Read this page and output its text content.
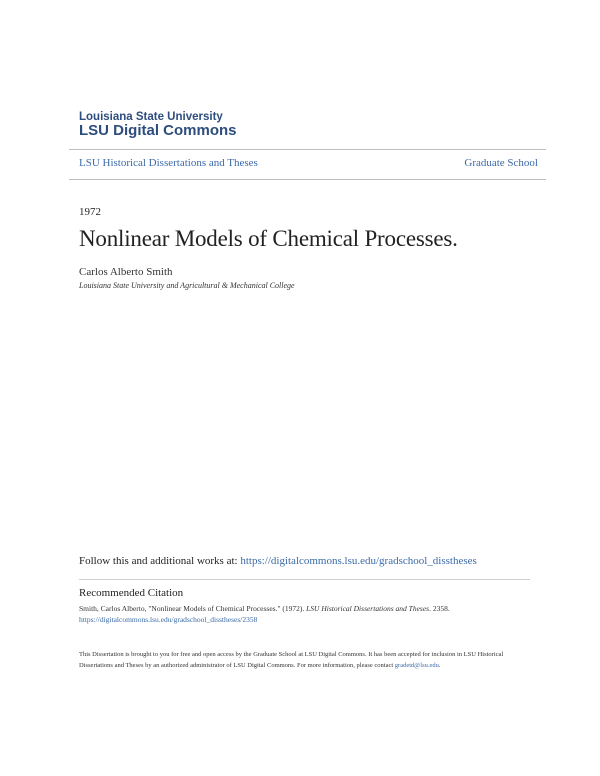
Louisiana State University
LSU Digital Commons
LSU Historical Dissertations and Theses	Graduate School
1972
Nonlinear Models of Chemical Processes.
Carlos Alberto Smith
Louisiana State University and Agricultural & Mechanical College
Follow this and additional works at: https://digitalcommons.lsu.edu/gradschool_disstheses
Recommended Citation
Smith, Carlos Alberto, "Nonlinear Models of Chemical Processes." (1972). LSU Historical Dissertations and Theses. 2358.
https://digitalcommons.lsu.edu/gradschool_disstheses/2358
This Dissertation is brought to you for free and open access by the Graduate School at LSU Digital Commons. It has been accepted for inclusion in LSU Historical Dissertations and Theses by an authorized administrator of LSU Digital Commons. For more information, please contact gradetd@lsu.edu.
